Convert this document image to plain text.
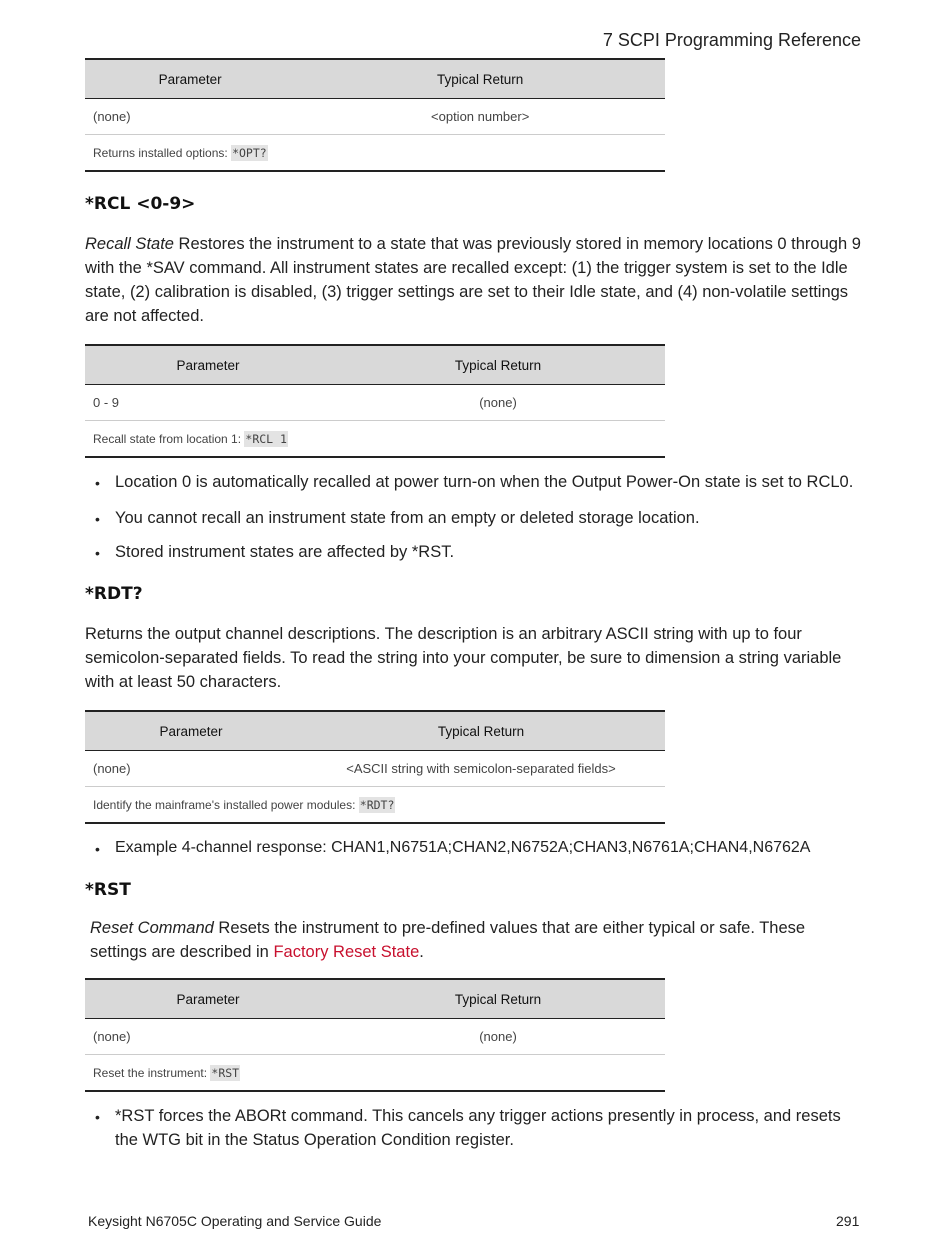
7 SCPI Programming Reference
Parameter	Typical Return
(none)	<option number>
Returns installed options: *OPT?	
*RCL <0-9>

Recall State Restores the instrument to a state that was previously stored in memory locations 0 through 9 with the *SAV command. All instrument states are recalled except: (1) the trigger system is set to the Idle state, (2) calibration is disabled, (3) trigger settings are set to their Idle state, and (4) non-volatile settings are not affected.

Parameter	Typical Return
0 - 9	(none)
Recall state from location 1: *RCL 1	
• Location 0 is automatically recalled at power turn-on when the Output Power-On state is set to RCL0.
• You cannot recall an instrument state from an empty or deleted storage location.
• Stored instrument states are affected by *RST.
*RDT?

Returns the output channel descriptions. The description is an arbitrary ASCII string with up to four semicolon-separated fields. To read the string into your computer, be sure to dimension a string variable with at least 50 characters.

Parameter	Typical Return
(none)	<ASCII string with semicolon-separated fields>
Identify the mainframe's installed power modules: *RDT?	
• Example 4-channel response: CHAN1,N6751A;CHAN2,N6752A;CHAN3,N6761A;CHAN4,N6762A
*RST

Reset Command Resets the instrument to pre-defined values that are either typical or safe. These settings are described in Factory Reset State.

Parameter	Typical Return
(none)	(none)
Reset the instrument: *RST	
• *RST forces the ABORt command. This cancels any trigger actions presently in process, and resets the WTG bit in the Status Operation Condition register.
Keysight N6705C Operating and Service Guide	291
